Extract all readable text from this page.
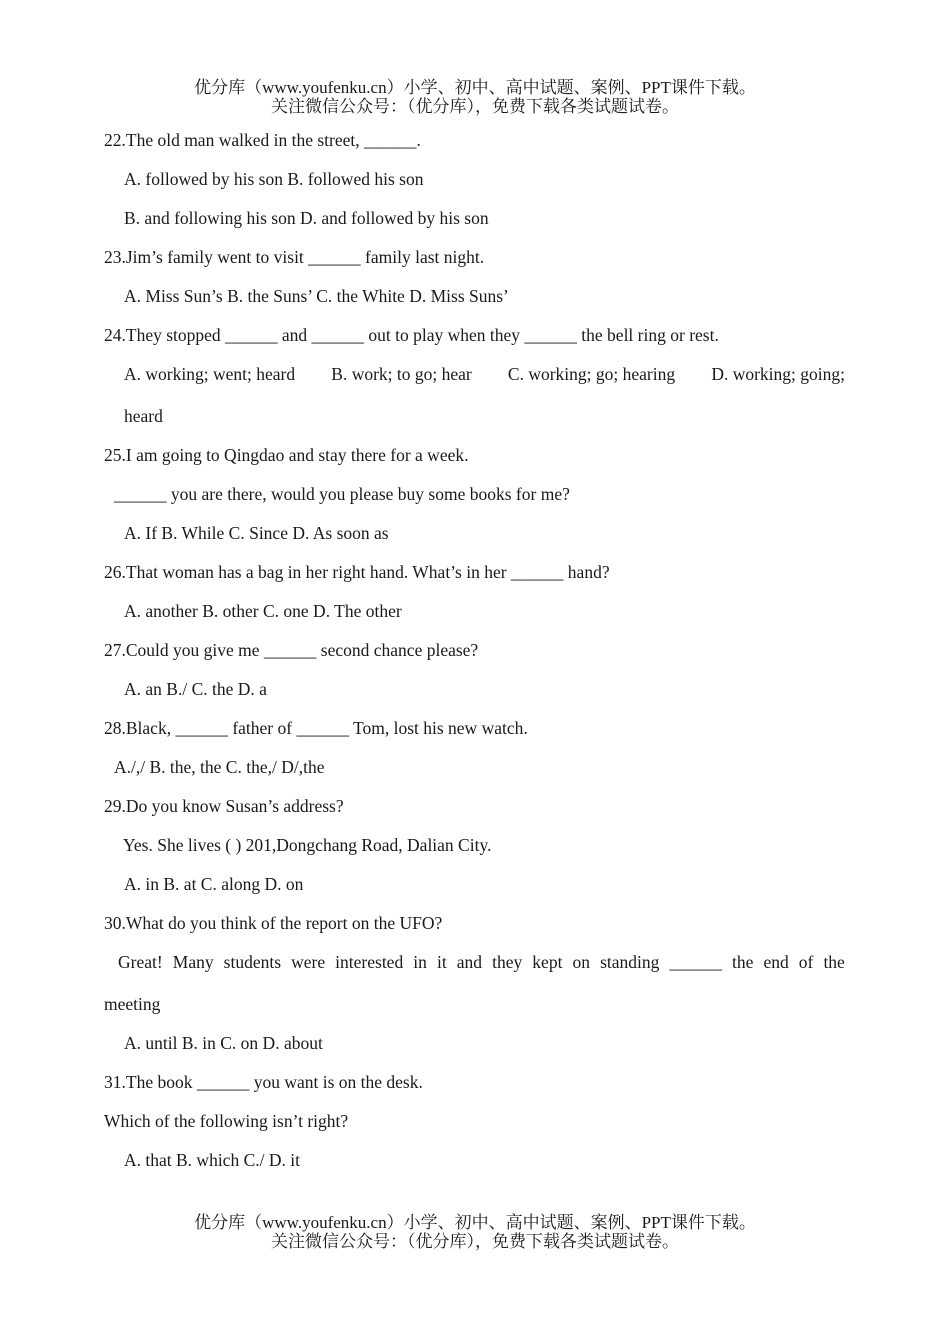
优分库（www.youfenku.cn）小学、初中、高中试题、案例、PPT课件下载。
关注微信公众号：（优分库），免费下载各类试题试卷。
22.The old man walked in the street, ______.
A. followed by his son B. followed his son
B. and following his son D. and followed by his son
23.Jim’s family went to visit ______ family last night.
A. Miss Sun’s B. the Suns’ C. the White D. Miss Suns’
24.They stopped ______ and ______ out to play when they ______ the bell ring or rest.
A. working; went; heard B. work; to go; hear C. working; go; hearing D. working; going;
heard
25.I am going to Qingdao and stay there for a week.
______ you are there, would you please buy some books for me?
A. If B. While C. Since D. As soon as
26.That woman has a bag in her right hand. What’s in her ______ hand?
A. another B. other C. one D. The other
27.Could you give me ______ second chance please?
A. an B./ C. the D. a
28.Black, ______ father of ______ Tom, lost his new watch.
A./,/ B. the, the C. the,/ D/,the
29.Do you know Susan’s address?
Yes. She lives ( ) 201,Dongchang Road, Dalian City.
A. in B. at C. along D. on
30.What do you think of the report on the UFO?
Great! Many students were interested in it and they kept on standing ______ the end of the
meeting
A. until B. in C. on D. about
31.The book ______ you want is on the desk.
Which of the following isn’t right?
A. that B. which C./ D. it
优分库（www.youfenku.cn）小学、初中、高中试题、案例、PPT课件下载。
关注微信公众号：（优分库），免费下载各类试题试卷。
